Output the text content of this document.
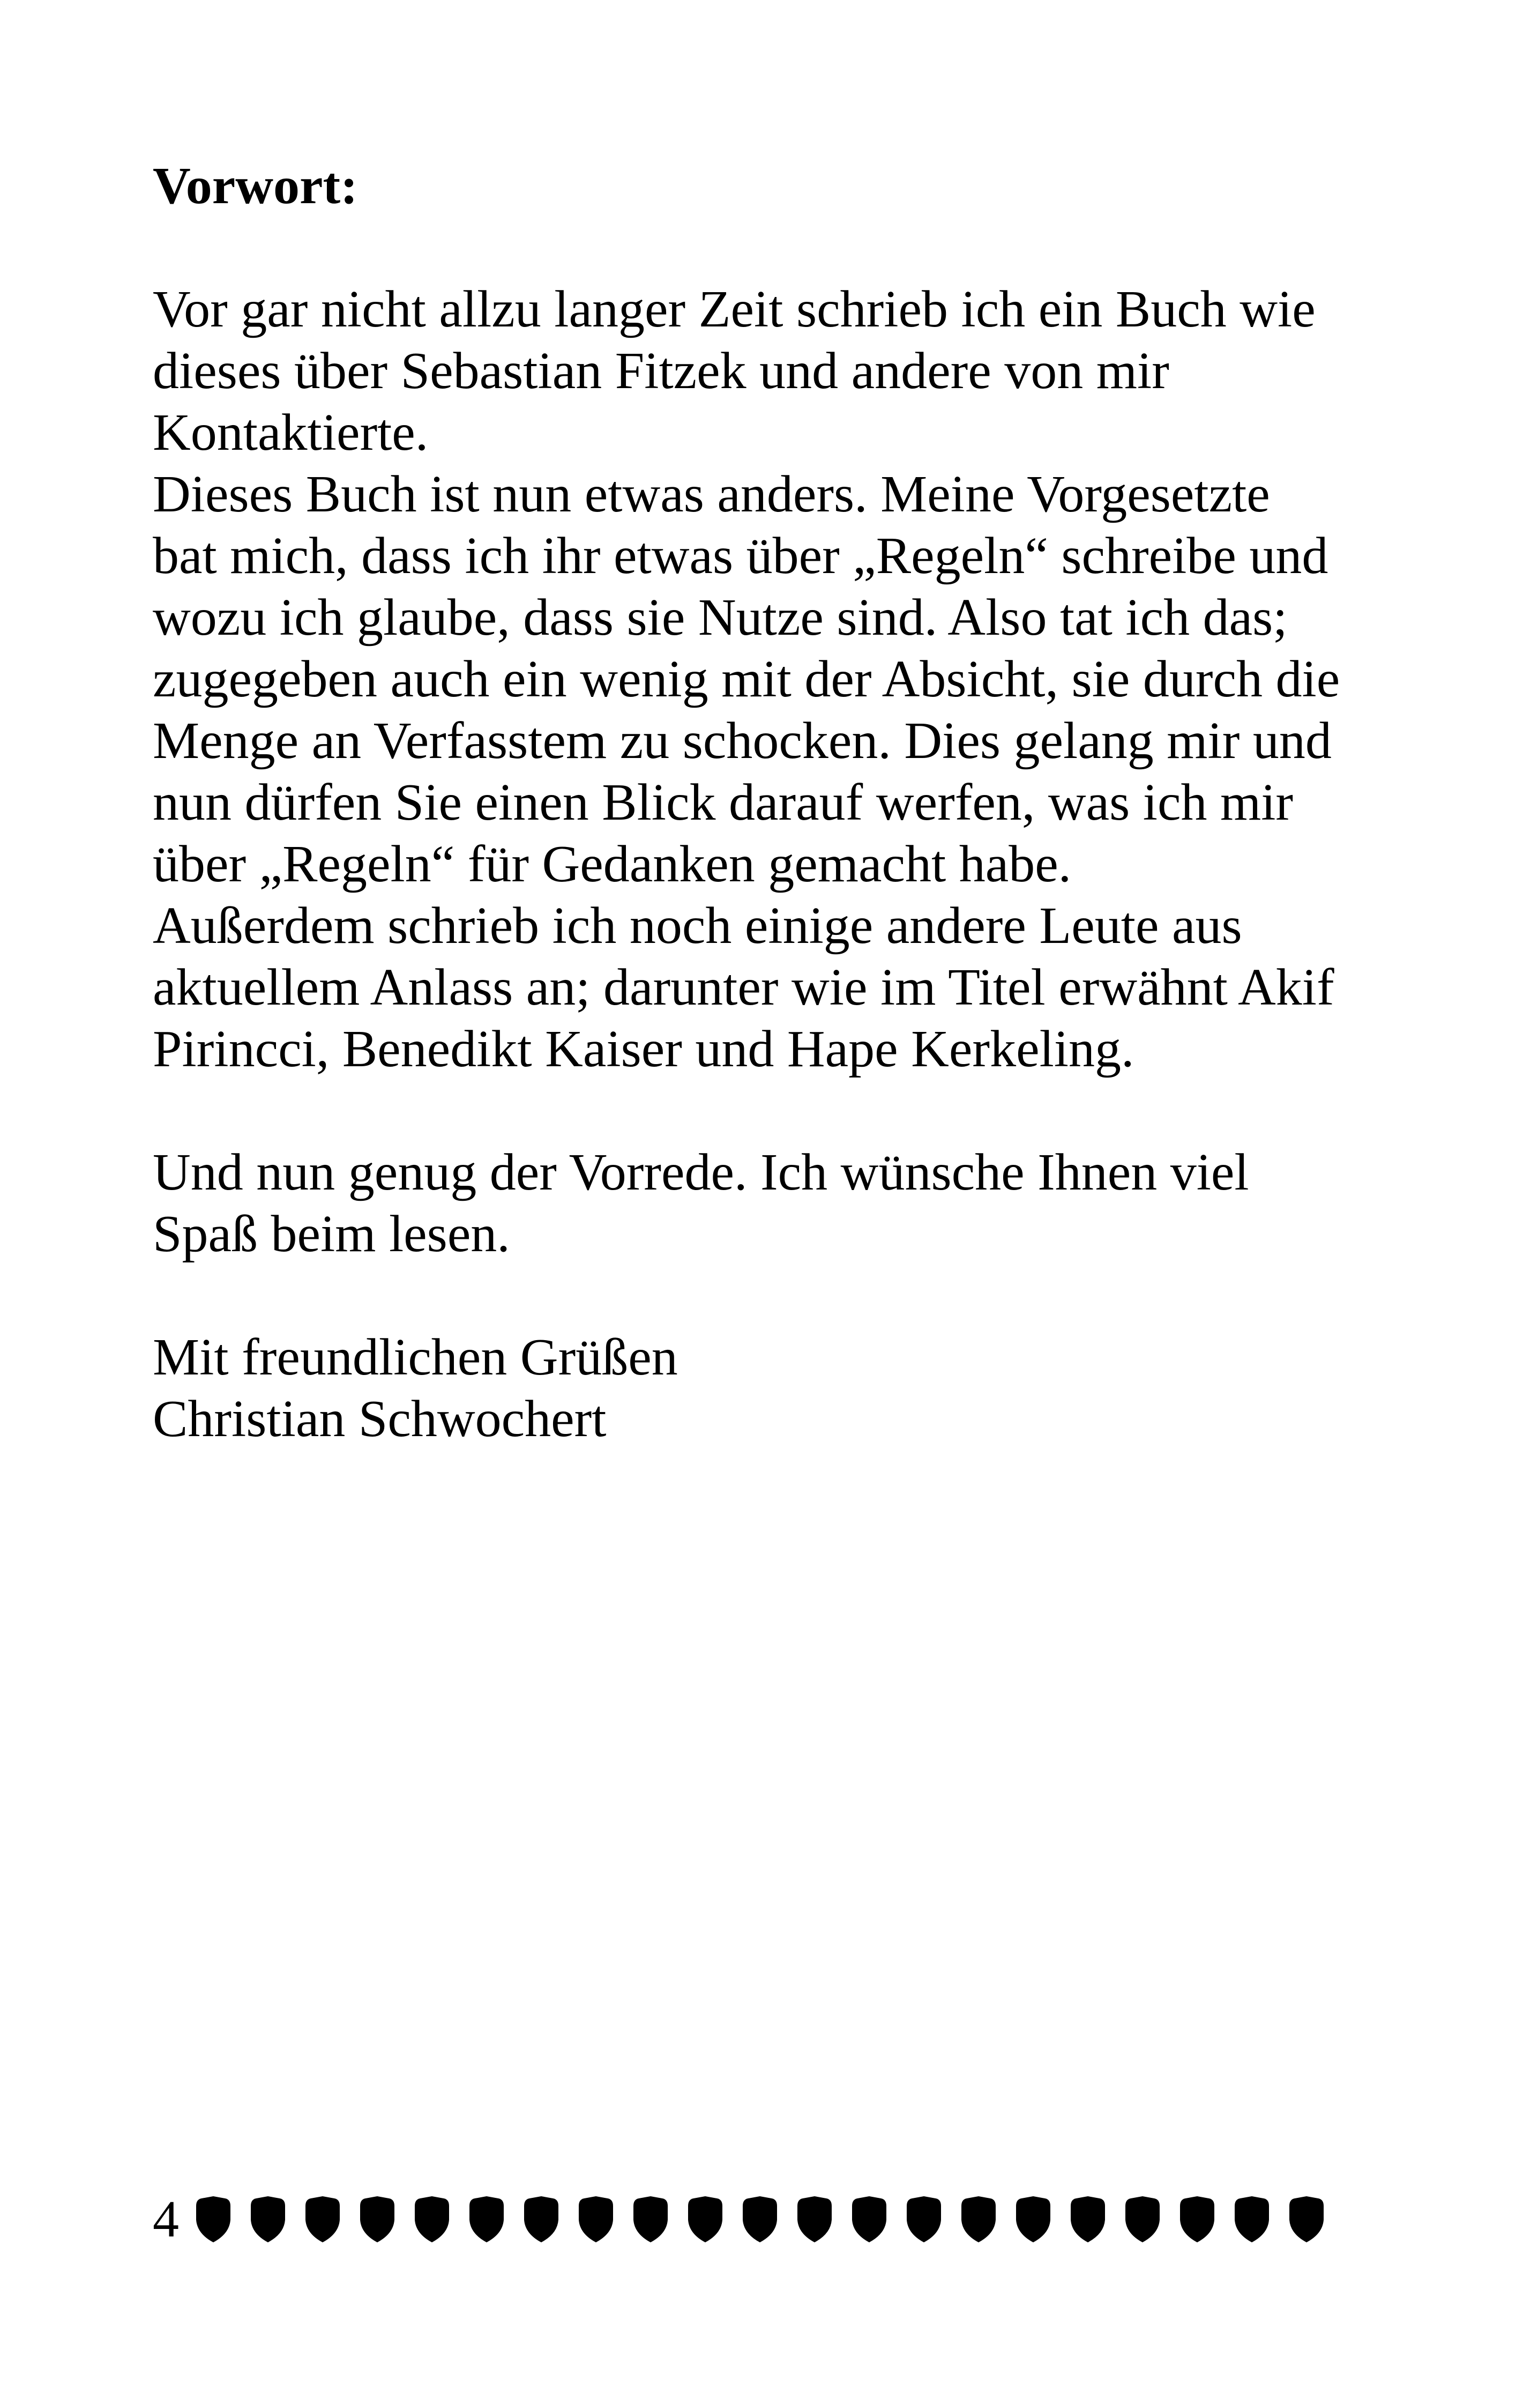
Vorwort:
Vor gar nicht allzu langer Zeit schrieb ich ein Buch wie
dieses über Sebastian Fitzek und andere von mir
Kontaktierte.
Dieses Buch ist nun etwas anders. Meine Vorgesetzte
bat mich, dass ich ihr etwas über „Regeln“ schreibe und
wozu ich glaube, dass sie Nutze sind. Also tat ich das;
zugegeben auch ein wenig mit der Absicht, sie durch die
Menge an Verfasstem zu schocken. Dies gelang mir und
nun dürfen Sie einen Blick darauf werfen, was ich mir
über „Regeln“ für Gedanken gemacht habe.
Außerdem schrieb ich noch einige andere Leute aus
aktuellem Anlass an; darunter wie im Titel erwähnt Akif
Pirincci, Benedikt Kaiser und Hape Kerkeling.
Und nun genug der Vorrede. Ich wünsche Ihnen viel
Spaß beim lesen.
Mit freundlichen Grüßen
Christian Schwochert
4
